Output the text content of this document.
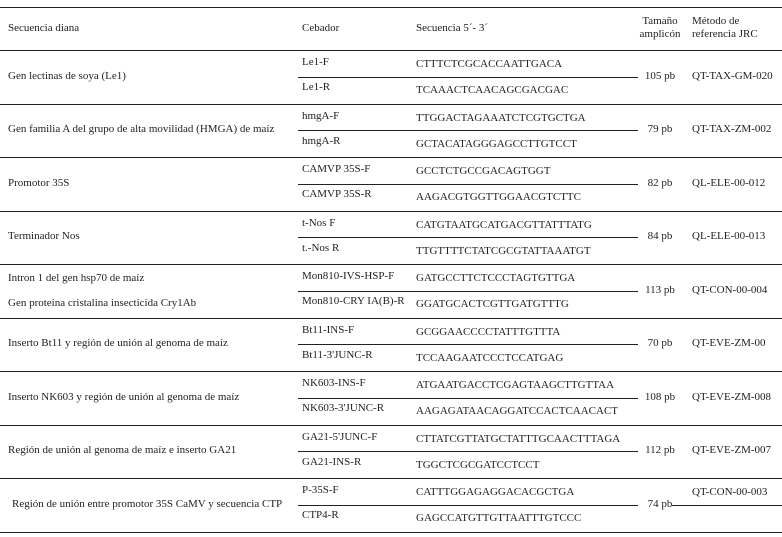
Secuencia diana	Cebador	Secuencia 5´- 3´
Tamaño
amplicón
Método de
referencia JRC
Gen lectinas de soya (Le1)
Le1-F
Le1-R
CTTTCTCGCACCAATTGACA
TCAAACTCAACAGCGACGAC
105 pb QT-TAX-GM-020
Gen familia A del grupo de alta movilidad (HMGA) de maíz
hmgA-F
hmgA-R
TTGGACTAGAAATCTCGTGCTGA
GCTACATAGGGAGCCTTGTCCT
79 pb QT-TAX-ZM-002
Promotor 35S
CAMVP 35S-F
CAMVP 35S-R
GCCTCTGCCGACAGTGGT
AAGACGTGGTTGGAACGTCTTC
82 pb QL-ELE-00-012
Terminador Nos
t-Nos F
t.-Nos R
CATGTAATGCATGACGTTATTTATG
TTGTTTTCTATCGCGTATTAAATGT
84 pb QL-ELE-00-013
Intron 1 del gen hsp70 de maíz
Gen proteína cristalina insecticida Cry1Ab
Mon810-IVS-HSP-F
Mon810-CRY IA(B)-R
GATGCCTTCTCCCTAGTGTTGA
GGATGCACTCGTTGATGTTTG
113 pb QT-CON-00-004
Inserto Bt11 y región de unión al genoma de maíz
Bt11-INS-F
Bt11-3'JUNC-R
GCGGAACCCCTATTTGTTTA
TCCAAGAATCCCTCCATGAG
70 pb QT-EVE-ZM-00
Inserto NK603 y región de unión al genoma de maíz
NK603-INS-F
NK603-3'JUNC-R
ATGAATGACCTCGAGTAAGCTTGTTAA
AAGAGATAACAGGATCCACTCAACACT
108 pb QT-EVE-ZM-008
Región de unión al genoma de maíz e inserto GA21
GA21-5'JUNC-F
GA21-INS-R
CTTATCGTTATGCTATTTGCAACTTTAGA
TGGCTCGCGATCCTCCT
112 pb QT-EVE-ZM-007
Región de unión entre promotor 35S CaMV y secuencia CTP
P-35S-F
CTP4-R
CATTTGGAGAGGACACGCTGA
GAGCCATGTTGTTAATTTGTCCC
74 pb
QT-CON-00-003
